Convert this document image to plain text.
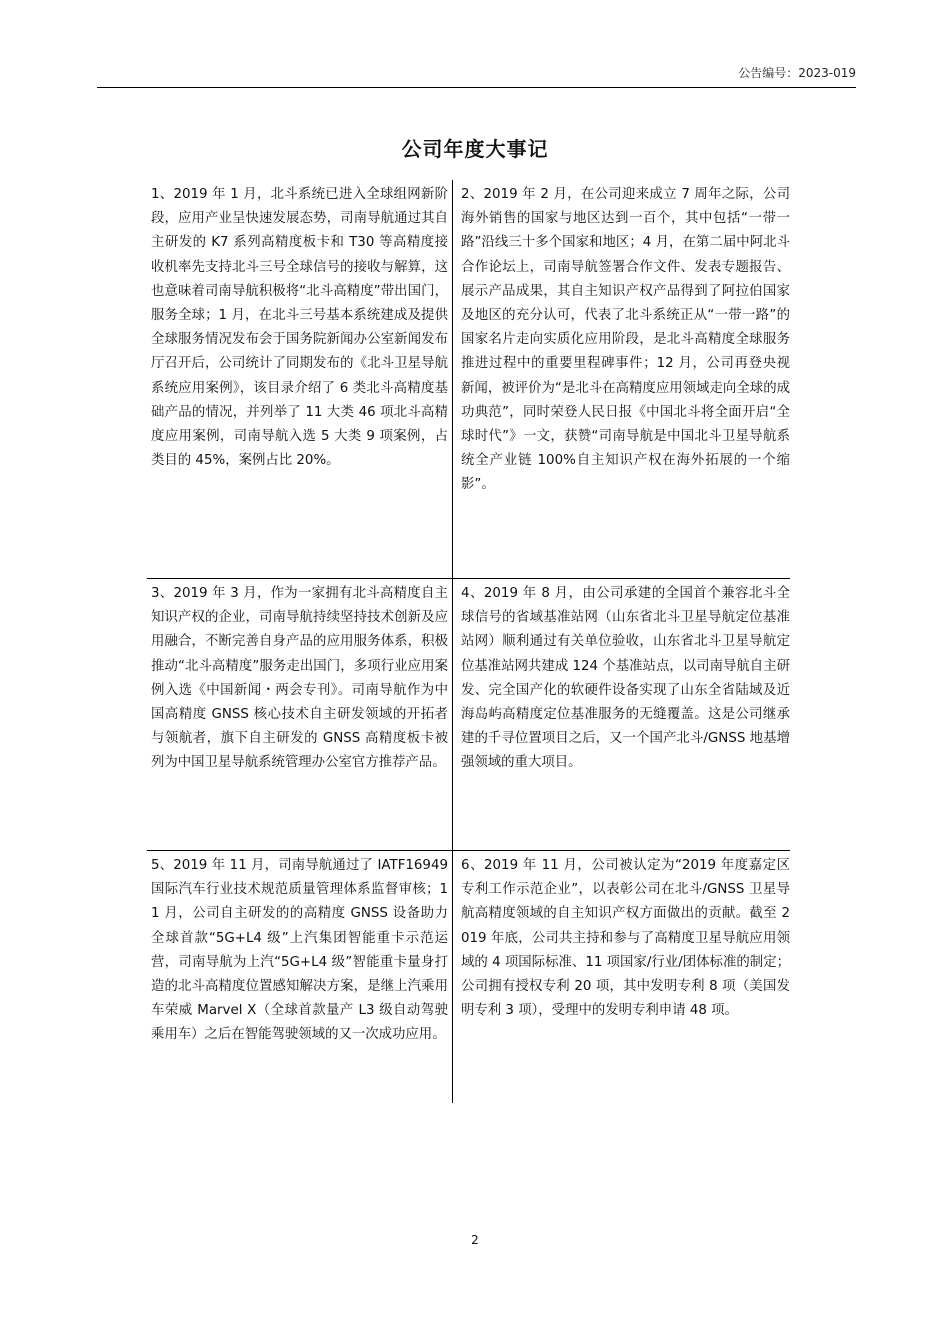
公告编号：2023-019
公司年度大事记
1、2019 年 1 月，北斗系统已进入全球组网新阶段，应用产业呈快速发展态势，司南导航通过其自主研发的 K7 系列高精度板卡和 T30 等高精度接收机率先支持北斗三号全球信号的接收与解算，这也意味着司南导航积极将“北斗高精度”带出国门，服务全球；1 月，在北斗三号基本系统建成及提供全球服务情况发布会于国务院新闻办公室新闻发布厅召开后，公司统计了同期发布的《北斗卫星导航系统应用案例》，该目录介绍了 6 类北斗高精度基础产品的情况，并列举了 11 大类 46 项北斗高精度应用案例，司南导航入选 5 大类 9 项案例，占类目的 45%，案例占比 20%。
2、2019 年 2 月，在公司迎来成立 7 周年之际，公司海外销售的国家与地区达到一百个，其中包括“一带一路”沿线三十多个国家和地区；4 月，在第二届中阿北斗合作论坛上，司南导航签署合作文件、发表专题报告、展示产品成果，其自主知识产权产品得到了阿拉伯国家及地区的充分认可，代表了北斗系统正从“一带一路”的国家名片走向实质化应用阶段，是北斗高精度全球服务推进过程中的重要里程碑事件；12 月，公司再登央视新闻，被评价为“是北斗在高精度应用领域走向全球的成功典范”，同时荣登人民日报《中国北斗将全面开启“全球时代”》一文，获赞“司南导航是中国北斗卫星导航系统全产业链 100%自主知识产权在海外拓展的一个缩影”。
3、2019 年 3 月，作为一家拥有北斗高精度自主知识产权的企业，司南导航持续坚持技术创新及应用融合，不断完善自身产品的应用服务体系，积极推动“北斗高精度”服务走出国门，多项行业应用案例入选《中国新闻・两会专刊》。司南导航作为中国高精度 GNSS 核心技术自主研发领域的开拓者与领航者，旗下自主研发的 GNSS 高精度板卡被列为中国卫星导航系统管理办公室官方推荐产品。
4、2019 年 8 月，由公司承建的全国首个兼容北斗全球信号的省域基准站网（山东省北斗卫星导航定位基准站网）顺利通过有关单位验收，山东省北斗卫星导航定位基准站网共建成 124 个基准站点，以司南导航自主研发、完全国产化的软硬件设备实现了山东全省陆域及近海岛屿高精度定位基准服务的无缝覆盖。这是公司继承建的千寻位置项目之后，又一个国产北斗/GNSS 地基增强领域的重大项目。
5、2019 年 11 月，司南导航通过了 IATF16949 国际汽车行业技术规范质量管理体系监督审核；11 月，公司自主研发的的高精度 GNSS 设备助力全球首款“5G+L4 级”上汽集团智能重卡示范运营，司南导航为上汽“5G+L4 级”智能重卡量身打造的北斗高精度位置感知解决方案，是继上汽乘用车荣威 Marvel X（全球首款量产 L3 级自动驾驶乘用车）之后在智能驾驶领域的又一次成功应用。
6、2019 年 11 月，公司被认定为“2019 年度嘉定区专利工作示范企业”，以表彰公司在北斗/GNSS 卫星导航高精度领域的自主知识产权方面做出的贡献。截至 2019 年底，公司共主持和参与了高精度卫星导航应用领域的 4 项国际标准、11 项国家/行业/团体标准的制定；公司拥有授权专利 20 项，其中发明专利 8 项（美国发明专利 3 项），受理中的发明专利申请 48 项。
2
